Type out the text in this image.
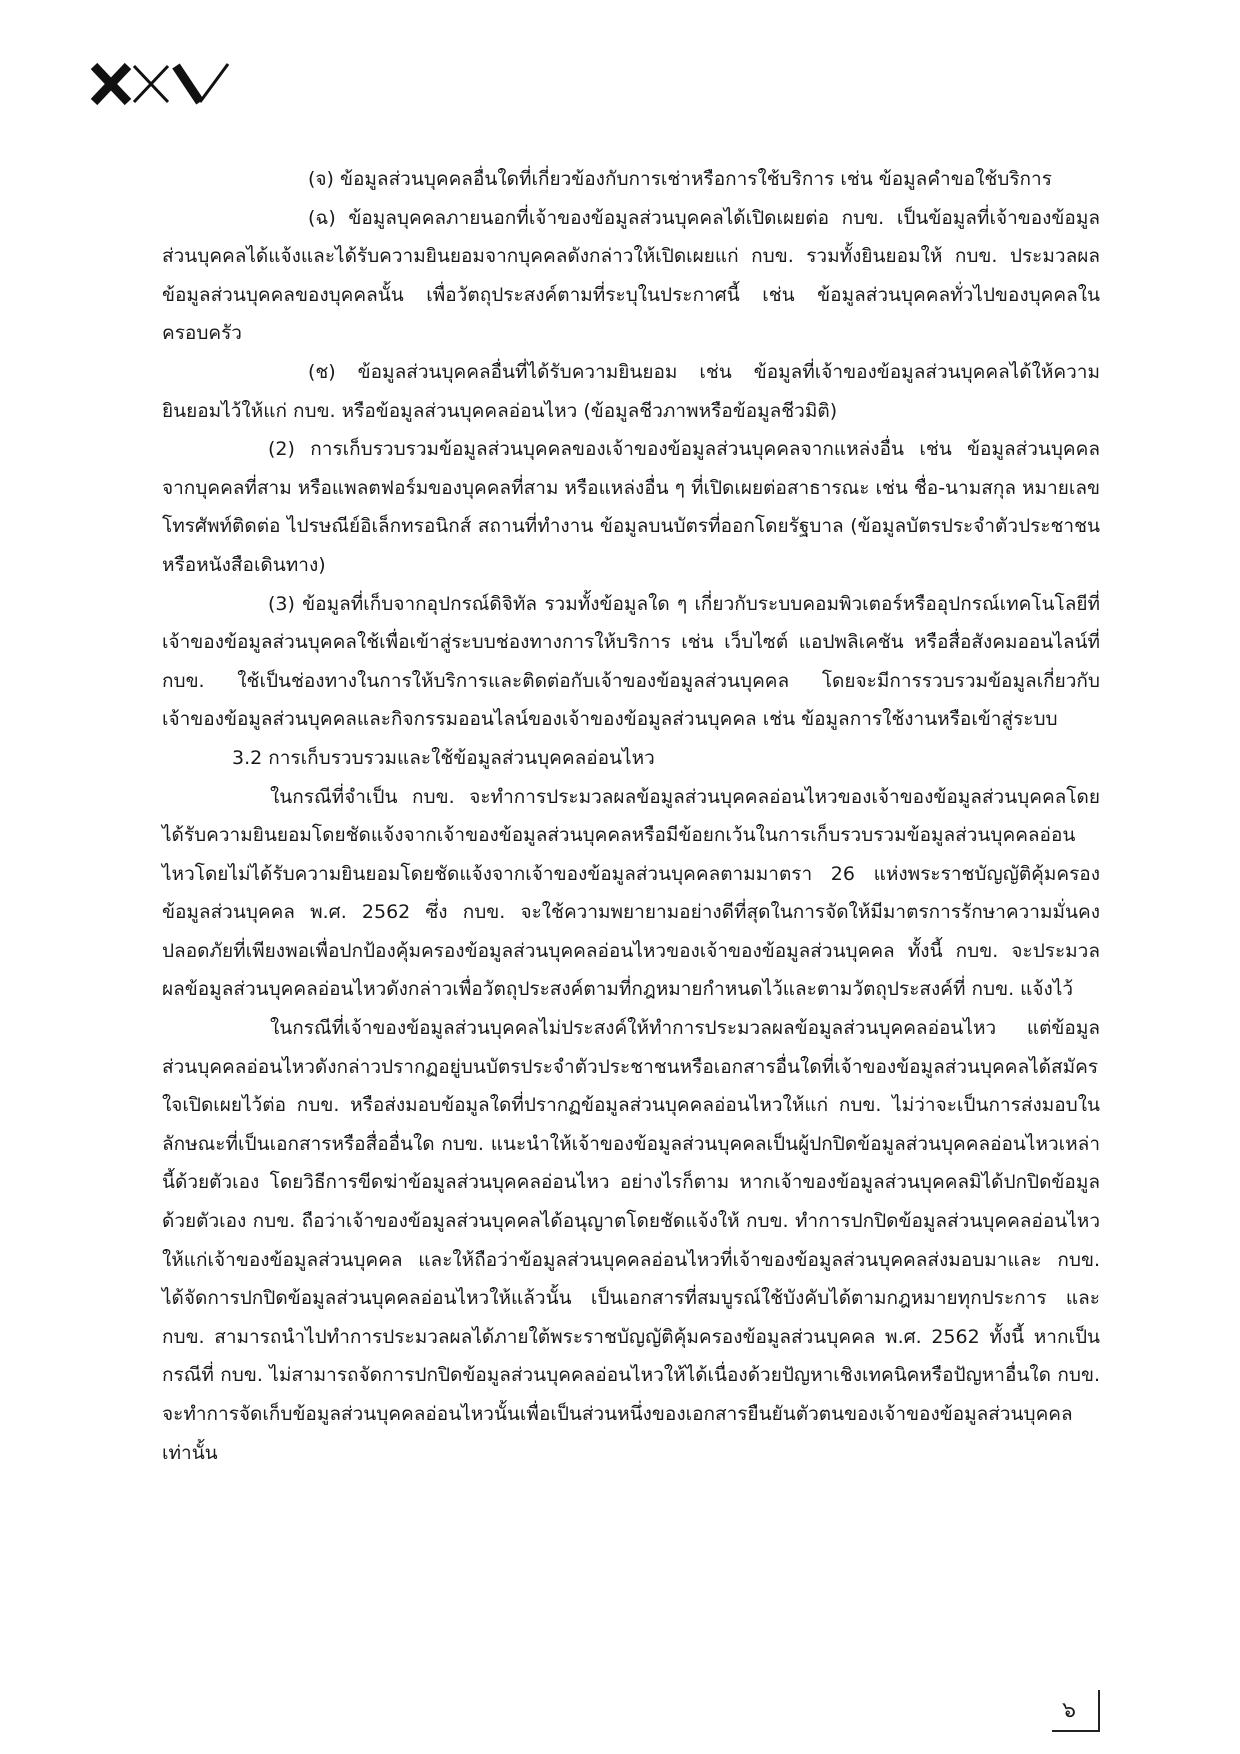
(จ) ข้อมูลส่วนบุคคลอื่นใดที่เกี่ยวข้องกับการเช่าหรือการใช้บริการ เช่น ข้อมูลคำขอใช้บริการ

(ฉ) ข้อมูลบุคคลภายนอกที่เจ้าของข้อมูลส่วนบุคคลได้เปิดเผยต่อ กบข. เป็นข้อมูลที่เจ้าของข้อมูลส่วนบุคคลได้แจ้งและได้รับความยินยอมจากบุคคลดังกล่าวให้เปิดเผยแก่ กบข. รวมทั้งยินยอมให้ กบข. ประมวลผลข้อมูลส่วนบุคคลของบุคคลนั้น เพื่อวัตถุประสงค์ตามที่ระบุในประกาศนี้ เช่น ข้อมูลส่วนบุคคลทั่วไปของบุคคลในครอบครัว

(ช) ข้อมูลส่วนบุคคลอื่นที่ได้รับความยินยอม เช่น ข้อมูลที่เจ้าของข้อมูลส่วนบุคคลได้ให้ความยินยอมไว้ให้แก่ กบข. หรือข้อมูลส่วนบุคคลอ่อนไหว (ข้อมูลชีวภาพหรือข้อมูลชีวมิติ)

(2) การเก็บรวบรวมข้อมูลส่วนบุคคลของเจ้าของข้อมูลส่วนบุคคลจากแหล่งอื่น เช่น ข้อมูลส่วนบุคคลจากบุคคลที่สาม หรือแพลตฟอร์มของบุคคลที่สาม หรือแหล่งอื่น ๆ ที่เปิดเผยต่อสาธารณะ เช่น ชื่อ-นามสกุล หมายเลขโทรศัพท์ติดต่อ ไปรษณีย์อิเล็กทรอนิกส์ สถานที่ทำงาน ข้อมูลบนบัตรที่ออกโดยรัฐบาล (ข้อมูลบัตรประจำตัวประชาชน หรือหนังสือเดินทาง)

(3) ข้อมูลที่เก็บจากอุปกรณ์ดิจิทัล รวมทั้งข้อมูลใด ๆ เกี่ยวกับระบบคอมพิวเตอร์หรืออุปกรณ์เทคโนโลยีที่เจ้าของข้อมูลส่วนบุคคลใช้เพื่อเข้าสู่ระบบช่องทางการให้บริการ เช่น เว็บไซต์ แอปพลิเคชัน หรือสื่อสังคมออนไลน์ที่ กบข. ใช้เป็นช่องทางในการให้บริการและติดต่อกับเจ้าของข้อมูลส่วนบุคคล โดยจะมีการรวบรวมข้อมูลเกี่ยวกับเจ้าของข้อมูลส่วนบุคคลและกิจกรรมออนไลน์ของเจ้าของข้อมูลส่วนบุคคล เช่น ข้อมูลการใช้งานหรือเข้าสู่ระบบ

3.2 การเก็บรวบรวมและใช้ข้อมูลส่วนบุคคลอ่อนไหว

ในกรณีที่จำเป็น กบข. จะทำการประมวลผลข้อมูลส่วนบุคคลอ่อนไหวของเจ้าของข้อมูลส่วนบุคคลโดยได้รับความยินยอมโดยชัดแจ้งจากเจ้าของข้อมูลส่วนบุคคลหรือมีข้อยกเว้นในการเก็บรวบรวมข้อมูลส่วนบุคคลอ่อนไหวโดยไม่ได้รับความยินยอมโดยชัดแจ้งจากเจ้าของข้อมูลส่วนบุคคลตามมาตรา 26 แห่งพระราชบัญญัติคุ้มครองข้อมูลส่วนบุคคล พ.ศ. 2562 ซึ่ง กบข. จะใช้ความพยายามอย่างดีที่สุดในการจัดให้มีมาตรการรักษาความมั่นคงปลอดภัยที่เพียงพอเพื่อปกป้องคุ้มครองข้อมูลส่วนบุคคลอ่อนไหวของเจ้าของข้อมูลส่วนบุคคล ทั้งนี้ กบข. จะประมวลผลข้อมูลส่วนบุคคลอ่อนไหวดังกล่าวเพื่อวัตถุประสงค์ตามที่กฎหมายกำหนดไว้และตามวัตถุประสงค์ที่ กบข. แจ้งไว้

ในกรณีที่เจ้าของข้อมูลส่วนบุคคลไม่ประสงค์ให้ทำการประมวลผลข้อมูลส่วนบุคคลอ่อนไหว แต่ข้อมูลส่วนบุคคลอ่อนไหวดังกล่าวปรากฏอยู่บนบัตรประจำตัวประชาชนหรือเอกสารอื่นใดที่เจ้าของข้อมูลส่วนบุคคลได้สมัครใจเปิดเผยไว้ต่อ กบข. หรือส่งมอบข้อมูลใดที่ปรากฏข้อมูลส่วนบุคคลอ่อนไหวให้แก่ กบข. ไม่ว่าจะเป็นการส่งมอบในลักษณะที่เป็นเอกสารหรือสื่ออื่นใด กบข. แนะนำให้เจ้าของข้อมูลส่วนบุคคลเป็นผู้ปกปิดข้อมูลส่วนบุคคลอ่อนไหวเหล่านี้ด้วยตัวเอง โดยวิธีการขีดฆ่าข้อมูลส่วนบุคคลอ่อนไหว อย่างไรก็ตาม หากเจ้าของข้อมูลส่วนบุคคลมิได้ปกปิดข้อมูลด้วยตัวเอง กบข. ถือว่าเจ้าของข้อมูลส่วนบุคคลได้อนุญาตโดยชัดแจ้งให้ กบข. ทำการปกปิดข้อมูลส่วนบุคคลอ่อนไหวให้แก่เจ้าของข้อมูลส่วนบุคคล และให้ถือว่าข้อมูลส่วนบุคคลอ่อนไหวที่เจ้าของข้อมูลส่วนบุคคลส่งมอบมาและ กบข. ได้จัดการปกปิดข้อมูลส่วนบุคคลอ่อนไหวให้แล้วนั้น เป็นเอกสารที่สมบูรณ์ใช้บังคับได้ตามกฎหมายทุกประการ และ กบข. สามารถนำไปทำการประมวลผลได้ภายใต้พระราชบัญญัติคุ้มครองข้อมูลส่วนบุคคล พ.ศ. 2562 ทั้งนี้ หากเป็นกรณีที่ กบข. ไม่สามารถจัดการปกปิดข้อมูลส่วนบุคคลอ่อนไหวให้ได้เนื่องด้วยปัญหาเชิงเทคนิคหรือปัญหาอื่นใด กบข. จะทำการจัดเก็บข้อมูลส่วนบุคคลอ่อนไหวนั้นเพื่อเป็นส่วนหนึ่งของเอกสารยืนยันตัวตนของเจ้าของข้อมูลส่วนบุคคลเท่านั้น

๖
